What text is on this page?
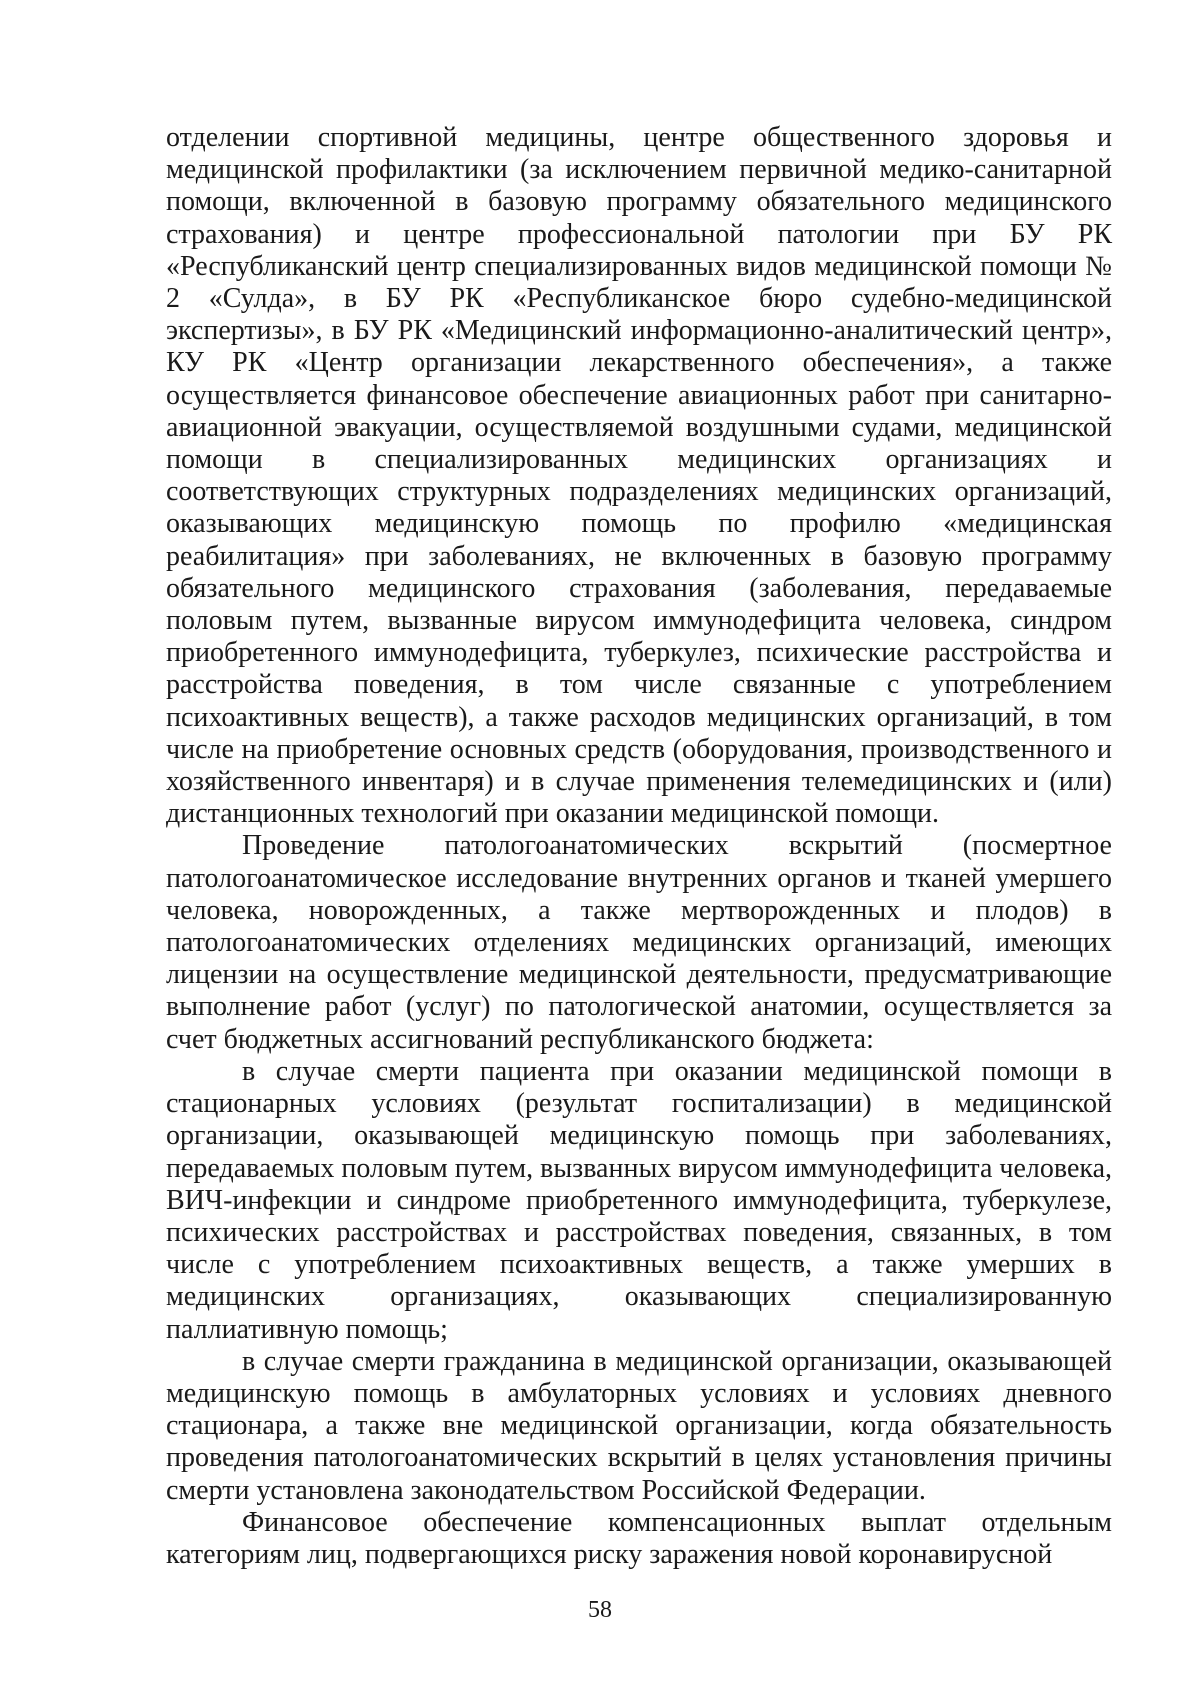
отделении спортивной медицины, центре общественного здоровья и медицинской профилактики (за исключением первичной медико-санитарной помощи, включенной в базовую программу обязательного медицинского страхования) и центре профессиональной патологии при БУ РК «Республиканский центр специализированных видов медицинской помощи № 2 «Сулда», в БУ РК «Республиканское бюро судебно-медицинской экспертизы», в БУ РК «Медицинский информационно-аналитический центр», КУ РК «Центр организации лекарственного обеспечения», а также осуществляется финансовое обеспечение авиационных работ при санитарно-авиационной эвакуации, осуществляемой воздушными судами, медицинской помощи в специализированных медицинских организациях и соответствующих структурных подразделениях медицинских организаций, оказывающих медицинскую помощь по профилю «медицинская реабилитация» при заболеваниях, не включенных в базовую программу обязательного медицинского страхования (заболевания, передаваемые половым путем, вызванные вирусом иммунодефицита человека, синдром приобретенного иммунодефицита, туберкулез, психические расстройства и расстройства поведения, в том числе связанные с употреблением психоактивных веществ), а также расходов медицинских организаций, в том числе на приобретение основных средств (оборудования, производственного и хозяйственного инвентаря) и в случае применения телемедицинских и (или) дистанционных технологий при оказании медицинской помощи.

Проведение патологоанатомических вскрытий (посмертное патологоанатомическое исследование внутренних органов и тканей умершего человека, новорожденных, а также мертворожденных и плодов) в патологоанатомических отделениях медицинских организаций, имеющих лицензии на осуществление медицинской деятельности, предусматривающие выполнение работ (услуг) по патологической анатомии, осуществляется за счет бюджетных ассигнований республиканского бюджета:

в случае смерти пациента при оказании медицинской помощи в стационарных условиях (результат госпитализации) в медицинской организации, оказывающей медицинскую помощь при заболеваниях, передаваемых половым путем, вызванных вирусом иммунодефицита человека, ВИЧ-инфекции и синдроме приобретенного иммунодефицита, туберкулезе, психических расстройствах и расстройствах поведения, связанных, в том числе с употреблением психоактивных веществ, а также умерших в медицинских организациях, оказывающих специализированную паллиативную помощь;

в случае смерти гражданина в медицинской организации, оказывающей медицинскую помощь в амбулаторных условиях и условиях дневного стационара, а также вне медицинской организации, когда обязательность проведения патологоанатомических вскрытий в целях установления причины смерти установлена законодательством Российской Федерации.

Финансовое обеспечение компенсационных выплат отдельным категориям лиц, подвергающихся риску заражения новой коронавирусной

58
